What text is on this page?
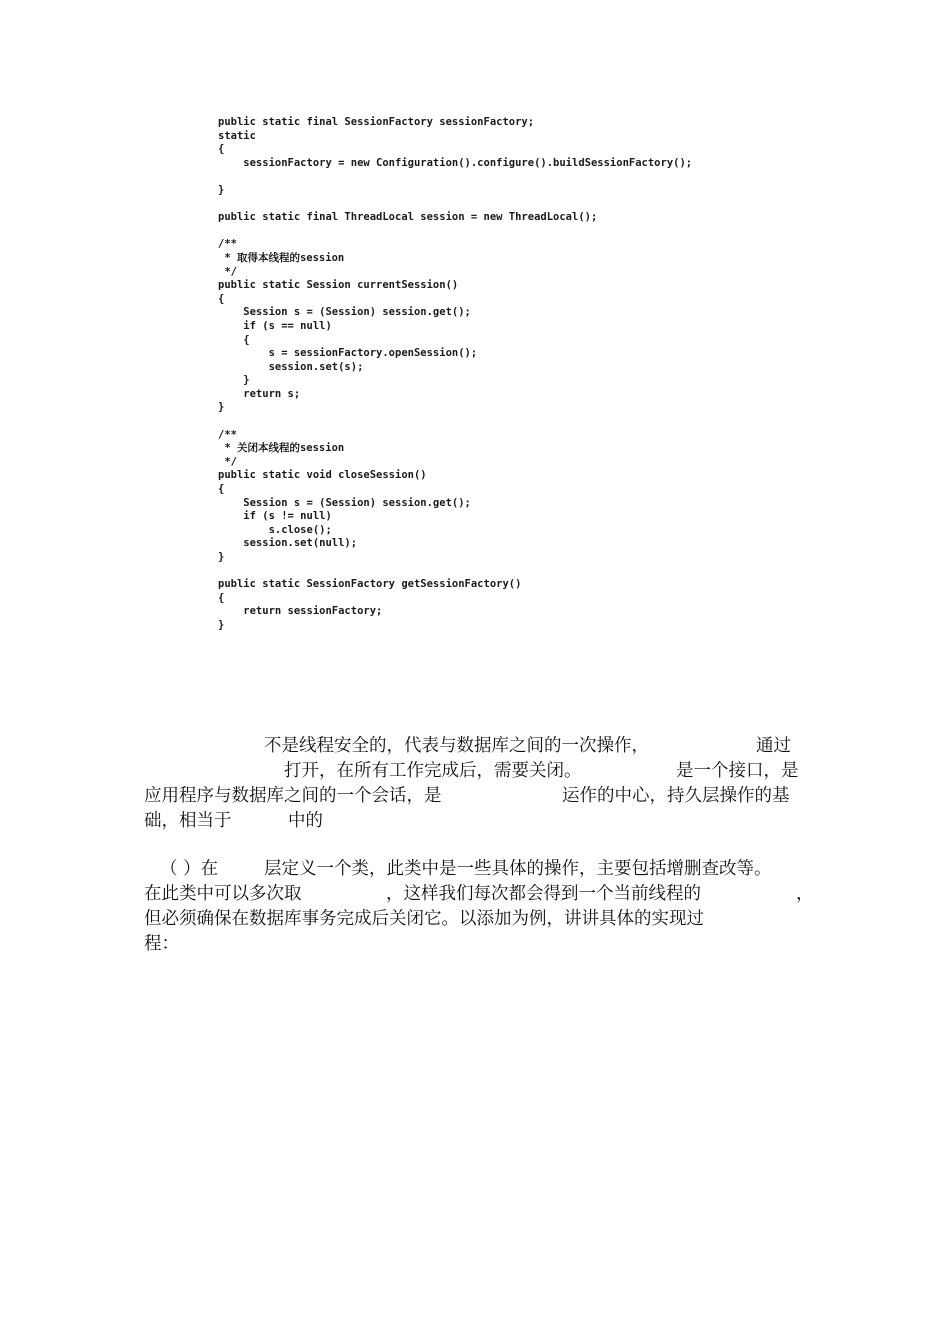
public static final SessionFactory sessionFactory;
static
{
sessionFactory = new Configuration().configure().buildSessionFactory();
}
public static final ThreadLocal session = new ThreadLocal();
/**
* 取得本线程的session
*/
public static Session currentSession()
{
Session s = (Session) session.get();
if (s == null)
{
s = sessionFactory.openSession();
session.set(s);
}
return s;
}
/**
* 关闭本线程的session
*/
public static void closeSession()
{
Session s = (Session) session.get();
if (s != null)
s.close();
session.set(null);
}
public static SessionFactory getSessionFactory()
{
return sessionFactory;
}
不是线程安全的，代表与数据库之间的一次操作，	通过
打开，在所有工作完成后，需要关闭。	是一个接口，是
应用程序与数据库之间的一个会话，是	运作的中心，持久层操作的基
础，相当于	中的
（ ）在	层定义一个类，此类中是一些具体的操作，主要包括增删查改等。
在此类中可以多次取	，这样我们每次都会得到一个当前线程的	，
但必须确保在数据库事务完成后关闭它。以添加为例，讲讲具体的实现过
程：
